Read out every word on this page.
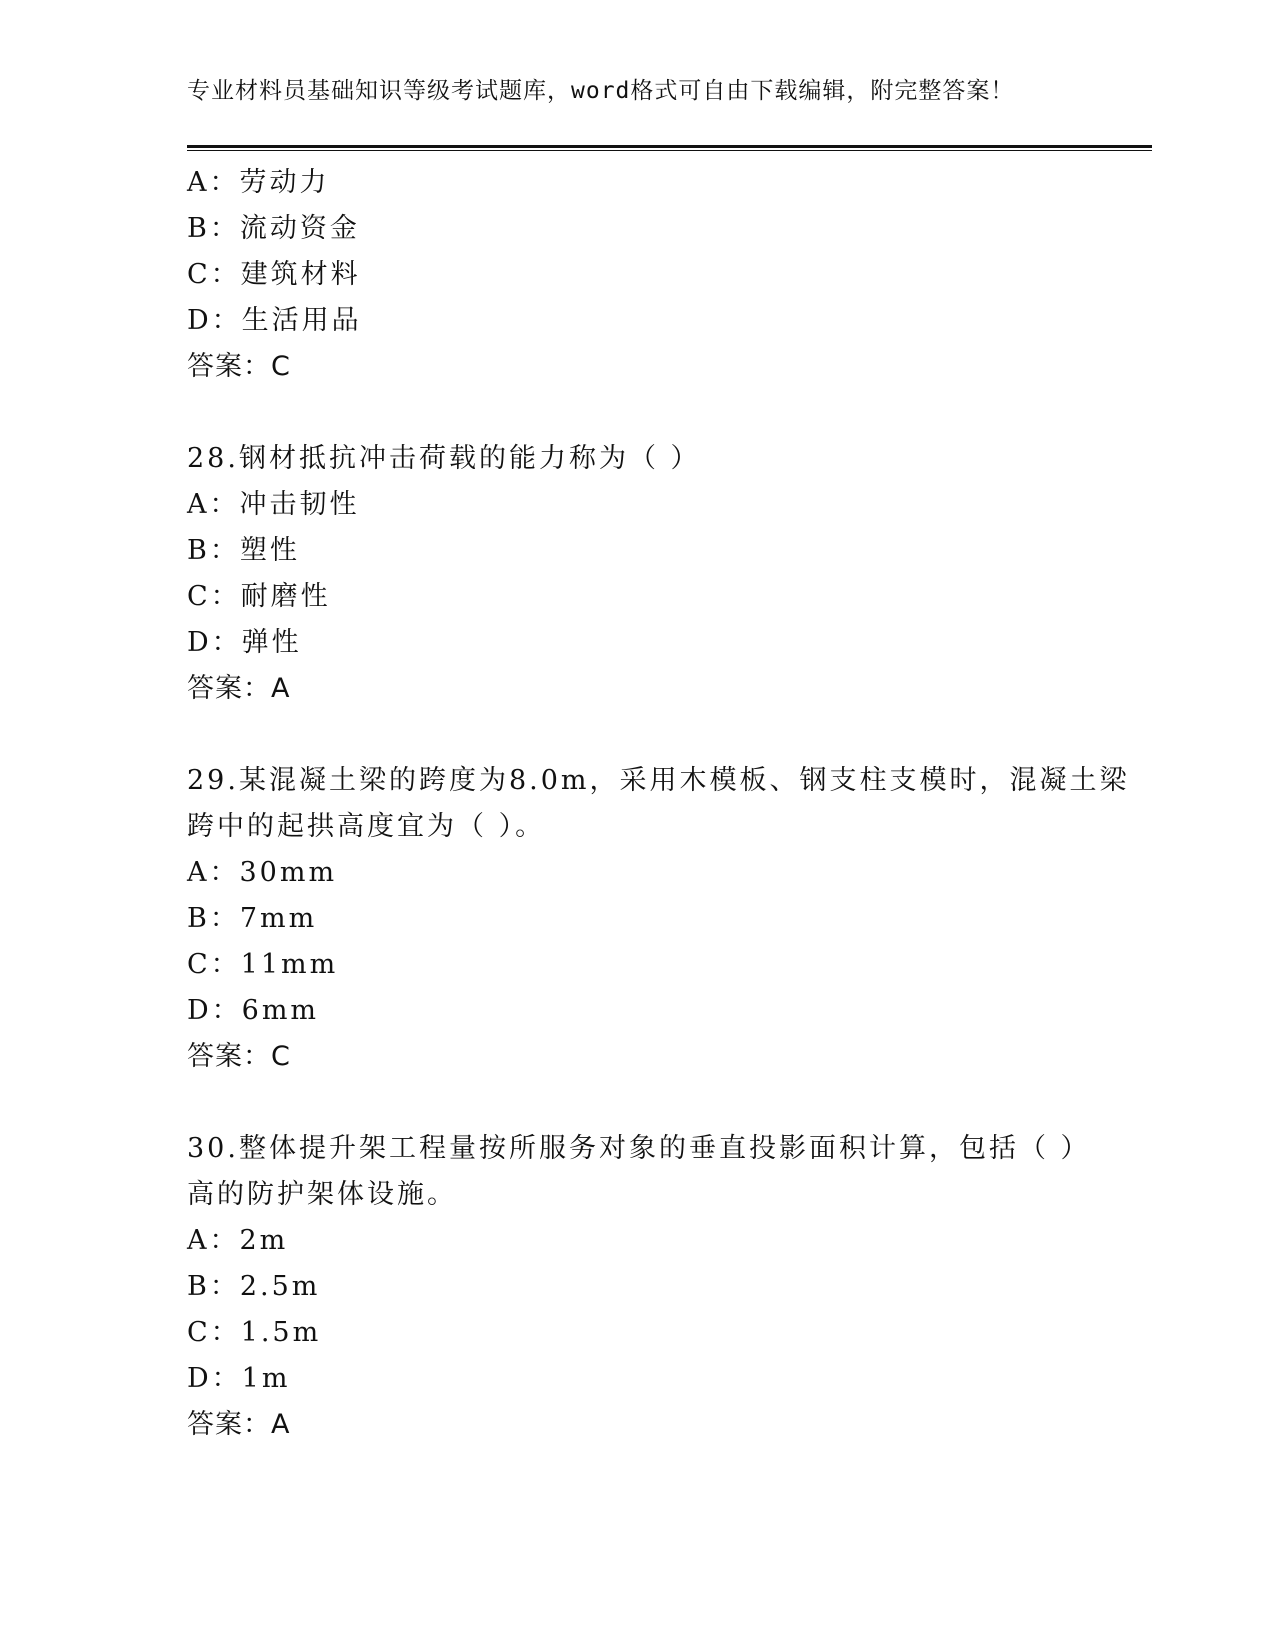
专业材料员基础知识等级考试题库，word格式可自由下载编辑，附完整答案！
A：劳动力
B：流动资金
C：建筑材料
D：生活用品
答案：C
28.钢材抵抗冲击荷载的能力称为（ ）
A：冲击韧性
B：塑性
C：耐磨性
D：弹性
答案：A
29.某混凝土梁的跨度为8.0m，采用木模板、钢支柱支模时，混凝土梁
跨中的起拱高度宜为（ ）。
A：30mm
B：7mm
C：11mm
D：6mm
答案：C
30.整体提升架工程量按所服务对象的垂直投影面积计算，包括（ ）
高的防护架体设施。
A：2m
B：2.5m
C：1.5m
D：1m
答案：A
